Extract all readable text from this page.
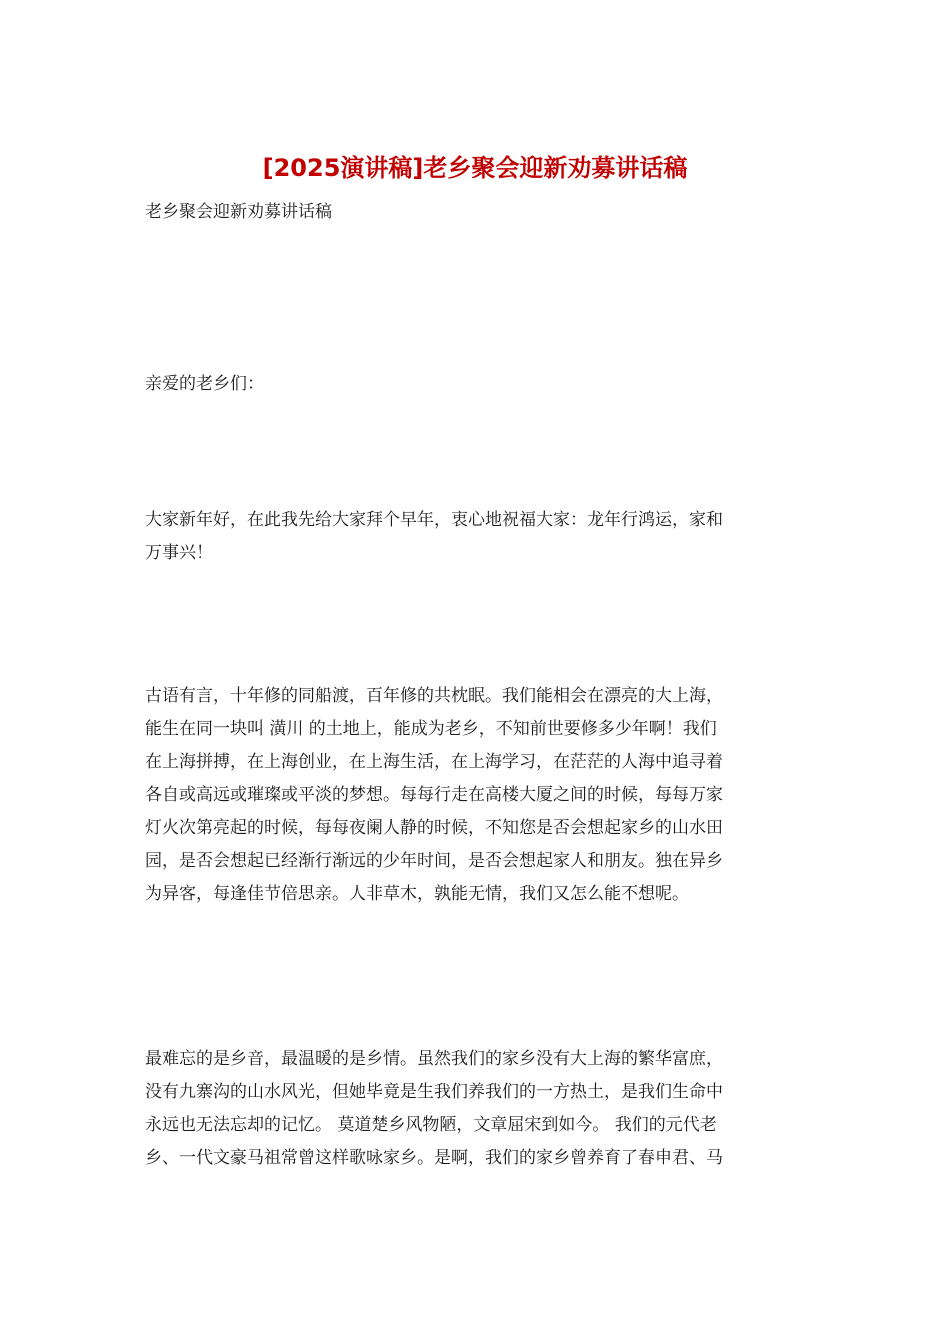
[2025演讲稿]老乡聚会迎新劝募讲话稿
老乡聚会迎新劝募讲话稿
亲爱的老乡们：
大家新年好，在此我先给大家拜个早年，衷心地祝福大家：龙年行鸿运，家和
万事兴！
古语有言，十年修的同船渡，百年修的共枕眠。我们能相会在漂亮的大上海，
能生在同一块叫 潢川 的土地上，能成为老乡，不知前世要修多少年啊！我们
在上海拼搏，在上海创业，在上海生活，在上海学习，在茫茫的人海中追寻着
各自或高远或璀璨或平淡的梦想。每每行走在高楼大厦之间的时候，每每万家
灯火次第亮起的时候，每每夜阑人静的时候，不知您是否会想起家乡的山水田
园，是否会想起已经渐行渐远的少年时间，是否会想起家人和朋友。独在异乡
为异客，每逢佳节倍思亲。人非草木，孰能无情，我们又怎么能不想呢。
最难忘的是乡音，最温暖的是乡情。虽然我们的家乡没有大上海的繁华富庶，
没有九寨沟的山水风光，但她毕竟是生我们养我们的一方热土，是我们生命中
永远也无法忘却的记忆。 莫道楚乡风物陋，文章屈宋到如今。 我们的元代老
乡、一代文豪马祖常曾这样歌咏家乡。是啊，我们的家乡曾养育了春申君、马
